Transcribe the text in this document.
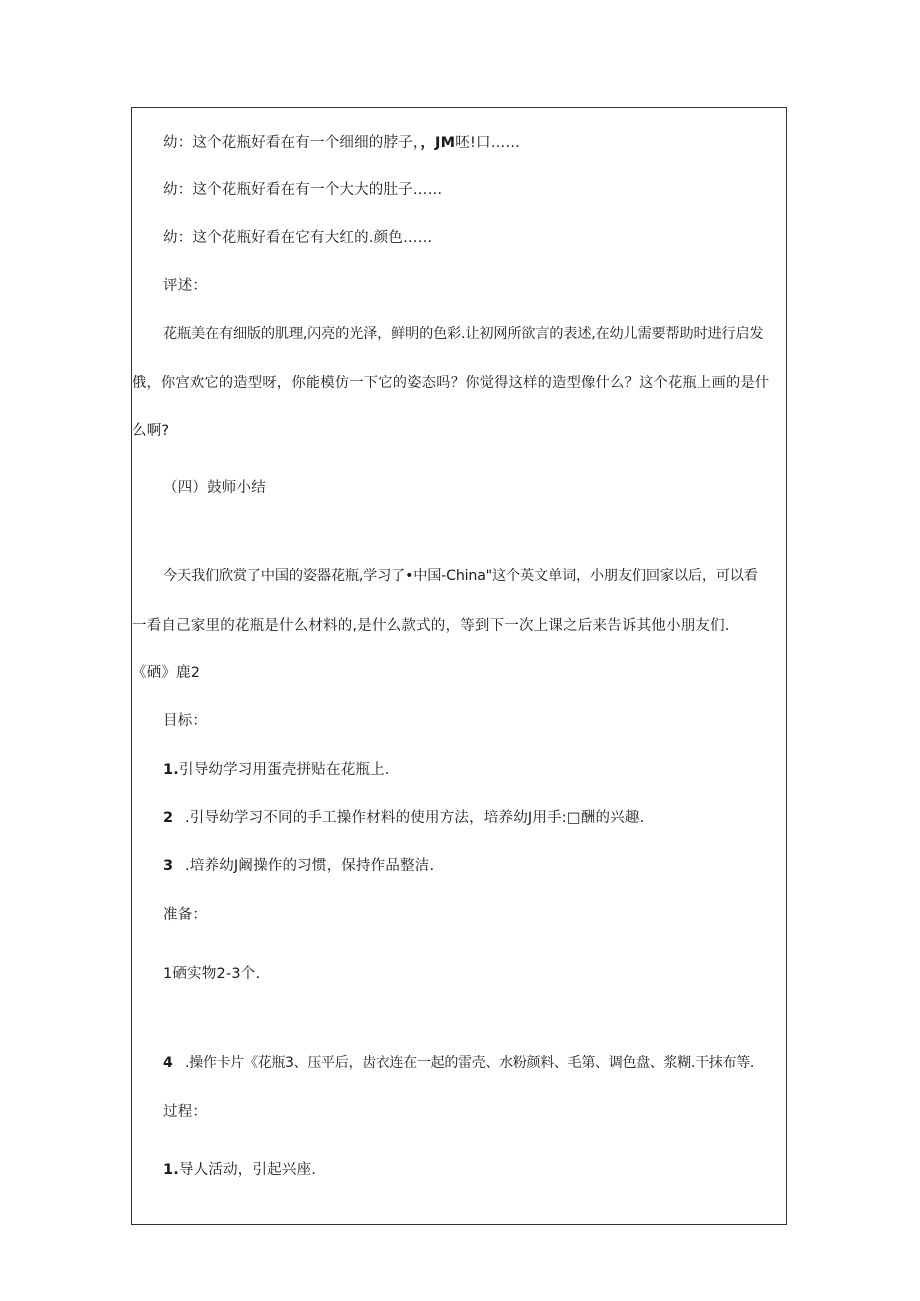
幼：这个花瓶好看在有一个细细的脖子，，JM呸!口……
幼：这个花瓶好看在有一个大大的肚子……
幼：这个花瓶好看在它有大红的.颜色……
评述：
花瓶美在有细版的肌理,闪亮的光泽，鲜明的色彩.让初网所欲言的表述,在幼儿需要帮助时进行启发
俄，你宫欢它的造型呀，你能模仿一下它的姿态吗？你觉得这样的造型像什么？这个花瓶上画的是什
么啊?
（四）鼓师小结
今天我们欣赏了中国的姿器花瓶,学习了•中国-China"这个英文单词，小朋友们回家以后，可以看
一看自己家里的花瓶是什么材料的,是什么款式的，等到下一次上课之后来告诉其他小朋友们.
《硒》鹿2
目标：
1.引导幼学习用蛋壳拼贴在花瓶上.
2 .引导幼学习不同的手工操作材料的使用方法，培养幼J用手:□酬的兴趣.
3 .培养幼J阚操作的习惯，保持作品整洁.
准备：
1硒实物2-3个.
4 .操作卡片《花瓶3、压平后，齿衣连在一起的雷壳、水粉颜料、毛第、调色盘、浆糊.干抹布等.
过程：
1.导人活动，引起兴座.
